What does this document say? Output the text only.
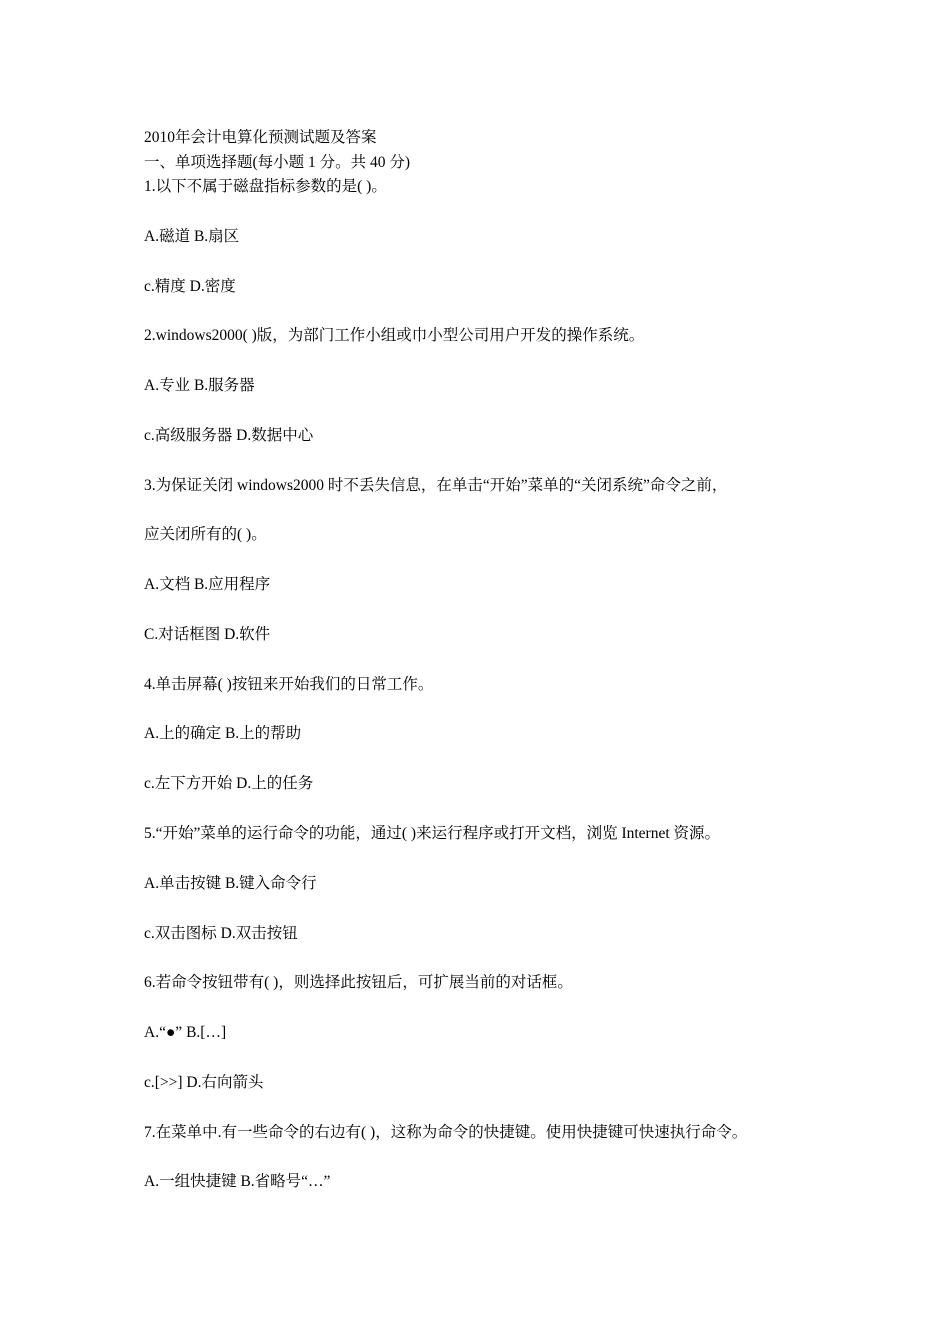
2010年会计电算化预测试题及答案
一、单项选择题(每小题 1 分。共 40 分)
1.以下不属于磁盘指标参数的是( )。
A.磁道 B.扇区
c.精度 D.密度
2.windows2000( )版，为部门工作小组或巾小型公司用户开发的操作系统。
A.专业 B.服务器
c.高级服务器 D.数据中心
3.为保证关闭 windows2000 时不丢失信息，在单击“开始”菜单的“关闭系统”命令之前，
应关闭所有的( )。
A.文档 B.应用程序
C.对话框图 D.软件
4.单击屏幕( )按钮来开始我们的日常工作。
A.上的确定 B.上的帮助
c.左下方开始 D.上的任务
5.“开始”菜单的运行命令的功能，通过( )来运行程序或打开文档，浏览 Internet 资源。
A.单击按键 B.键入命令行
c.双击图标 D.双击按钮
6.若命令按钮带有( )，则选择此按钮后，可扩展当前的对话框。
A.“●” B.[…]
c.[>>] D.右向箭头
7.在菜单中.有一些命令的右边有( )，这称为命令的快捷键。使用快捷键可快速执行命令。
A.一组快捷键 B.省略号“…”
